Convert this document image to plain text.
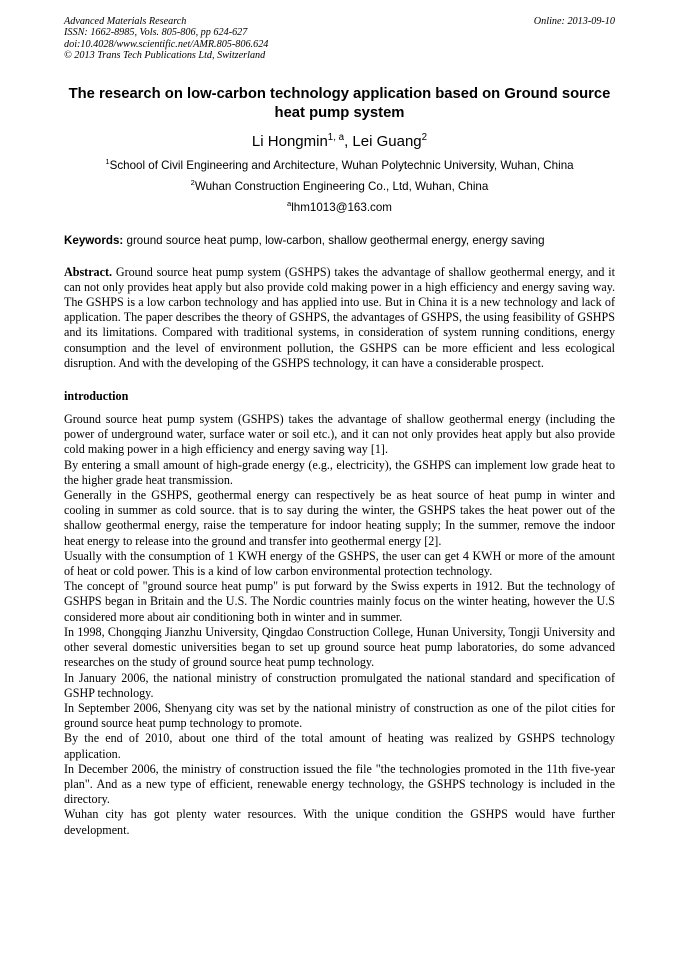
Advanced Materials Research
ISSN: 1662-8985, Vols. 805-806, pp 624-627
doi:10.4028/www.scientific.net/AMR.805-806.624
© 2013 Trans Tech Publications Ltd, Switzerland
Online: 2013-09-10
The research on low-carbon technology application based on Ground source heat pump system
Li Hongmin$^{1, a}$, Lei Guang$^2$
$^1$School of Civil Engineering and Architecture, Wuhan Polytechnic University, Wuhan, China
$^2$Wuhan Construction Engineering Co., Ltd, Wuhan, China
$^a$lhm1013@163.com
Keywords: ground source heat pump, low-carbon, shallow geothermal energy, energy saving
Abstract. Ground source heat pump system (GSHPS) takes the advantage of shallow geothermal energy, and it can not only provides heat apply but also provide cold making power in a high efficiency and energy saving way. The GSHPS is a low carbon technology and has applied into use. But in China it is a new technology and lack of application. The paper describes the theory of GSHPS, the advantages of GSHPS, the using feasibility of GSHPS and its limitations. Compared with traditional systems, in consideration of system running conditions, energy consumption and the level of environment pollution, the GSHPS can be more efficient and less ecological disruption. And with the developing of the GSHPS technology, it can have a considerable prospect.
introduction

Ground source heat pump system (GSHPS) takes the advantage of shallow geothermal energy (including the power of underground water, surface water or soil etc.), and it can not only provides heat apply but also provide cold making power in a high efficiency and energy saving way [1].

By entering a small amount of high-grade energy (e.g., electricity), the GSHPS can implement low grade heat to the higher grade heat transmission.

Generally in the GSHPS, geothermal energy can respectively be as heat source of heat pump in winter and cooling in summer as cold source. that is to say during the winter, the GSHPS takes the heat power out of the shallow geothermal energy, raise the temperature for indoor heating supply; In the summer, remove the indoor heat energy to release into the ground and transfer into geothermal energy [2].

Usually with the consumption of 1 KWH energy of the GSHPS, the user can get 4 KWH or more of the amount of heat or cold power. This is a kind of low carbon environmental protection technology.

The concept of "ground source heat pump" is put forward by the Swiss experts in 1912. But the technology of GSHPS began in Britain and the U.S. The Nordic countries mainly focus on the winter heating, however the U.S considered more about air conditioning both in winter and in summer.

In 1998, Chongqing Jianzhu University, Qingdao Construction College, Hunan University, Tongji University and other several domestic universities began to set up ground source heat pump laboratories, do some advanced researches on the study of ground source heat pump technology.

In January 2006, the national ministry of construction promulgated the national standard and specification of GSHP technology.

In September 2006, Shenyang city was set by the national ministry of construction as one of the pilot cities for ground source heat pump technology to promote.

By the end of 2010, about one third of the total amount of heating was realized by GSHPS technology application.

In December 2006, the ministry of construction issued the file "the technologies promoted in the 11th five-year plan". And as a new type of efficient, renewable energy technology, the GSHPS technology is included in the directory.

Wuhan city has got plenty water resources. With the unique condition the GSHPS would have further development.
